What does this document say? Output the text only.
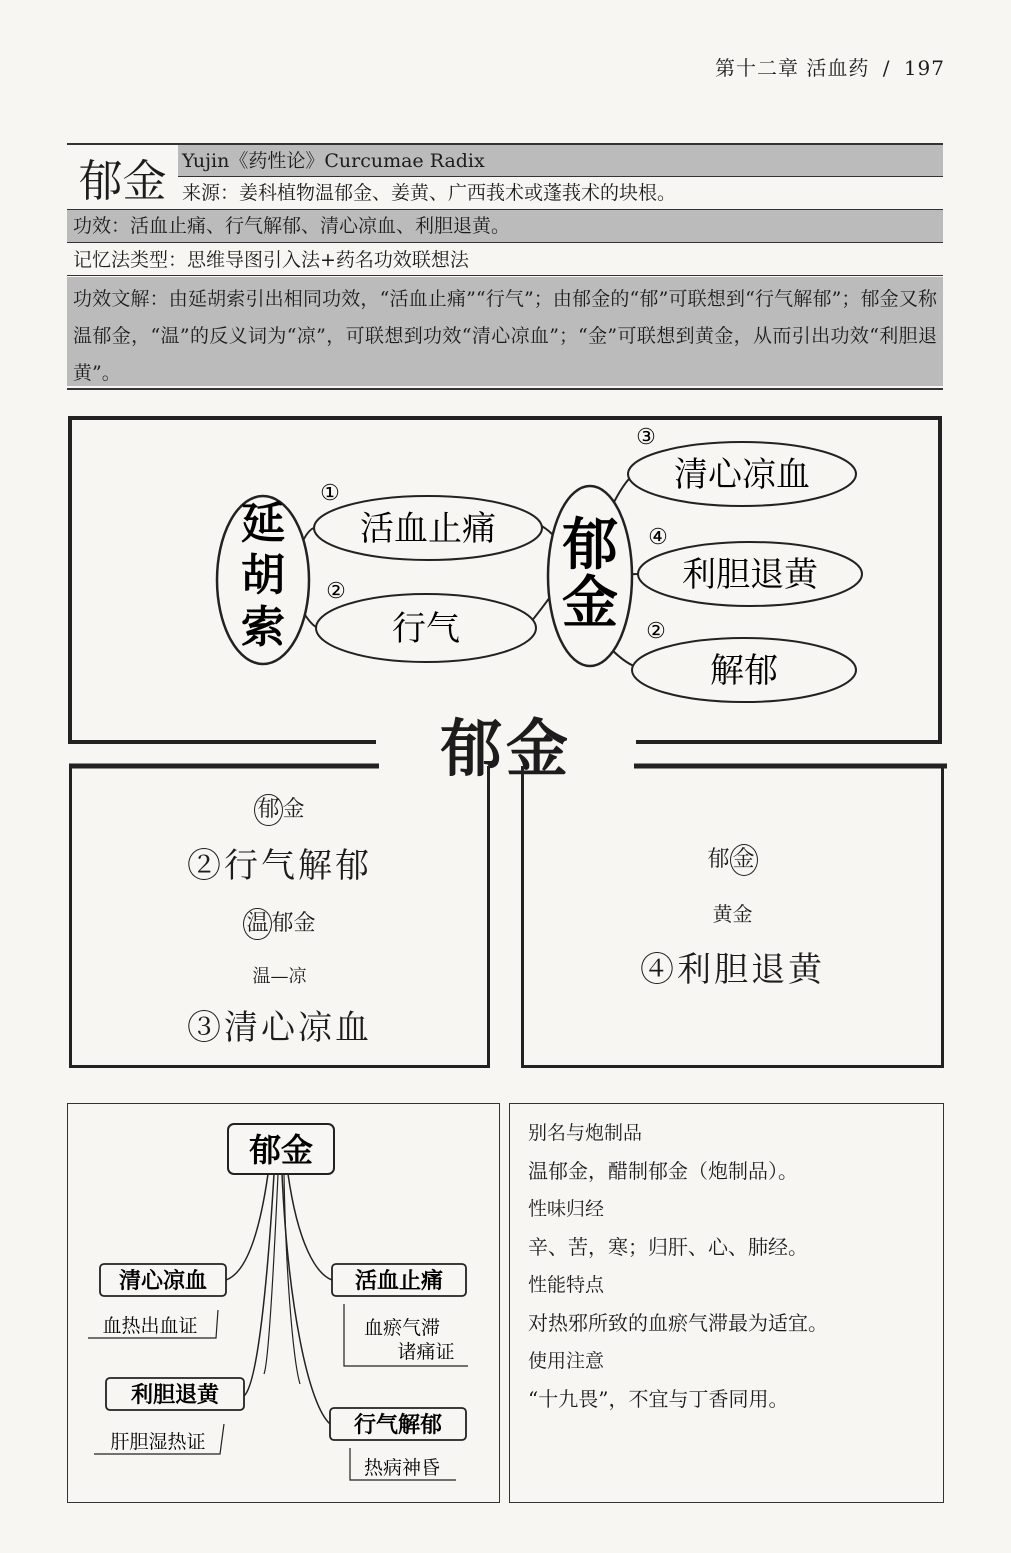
第十二章 活血药 / 197
郁金 Yujin《药性论》Curcumae Radix
来源：姜科植物温郁金、姜黄、广西莪术或蓬莪术的块根。
功效：活血止痛、行气解郁、清心凉血、利胆退黄。
记忆法类型：思维导图引入法+药名功效联想法
功效文解：由延胡索引出相同功效，“活血止痛”“行气”；由郁金的“郁”可联想到“行气解郁”；郁金又称温郁金，“温”的反义词为“凉”，可联想到功效“清心凉血”；“金”可联想到黄金，从而引出功效“利胆退黄”。
延
胡
索
①
活血止痛
②
行气
郁
金
③
清心凉血
④
利胆退黄
②
解郁
郁金
郁 金
②行气解郁
温 郁金
温—凉
③清心凉血
郁 金
黄金
④利胆退黄
郁金
清心凉血
血热出血证
活血止痛
血瘀气滞
诸痛证
利胆退黄
肝胆湿热证
行气解郁
热病神昏
别名与炮制品
温郁金，醋制郁金（炮制品）。
性味归经
辛、苦，寒；归肝、心、肺经。
性能特点
对热邪所致的血瘀气滞最为适宜。
使用注意
“十九畏”，不宜与丁香同用。
